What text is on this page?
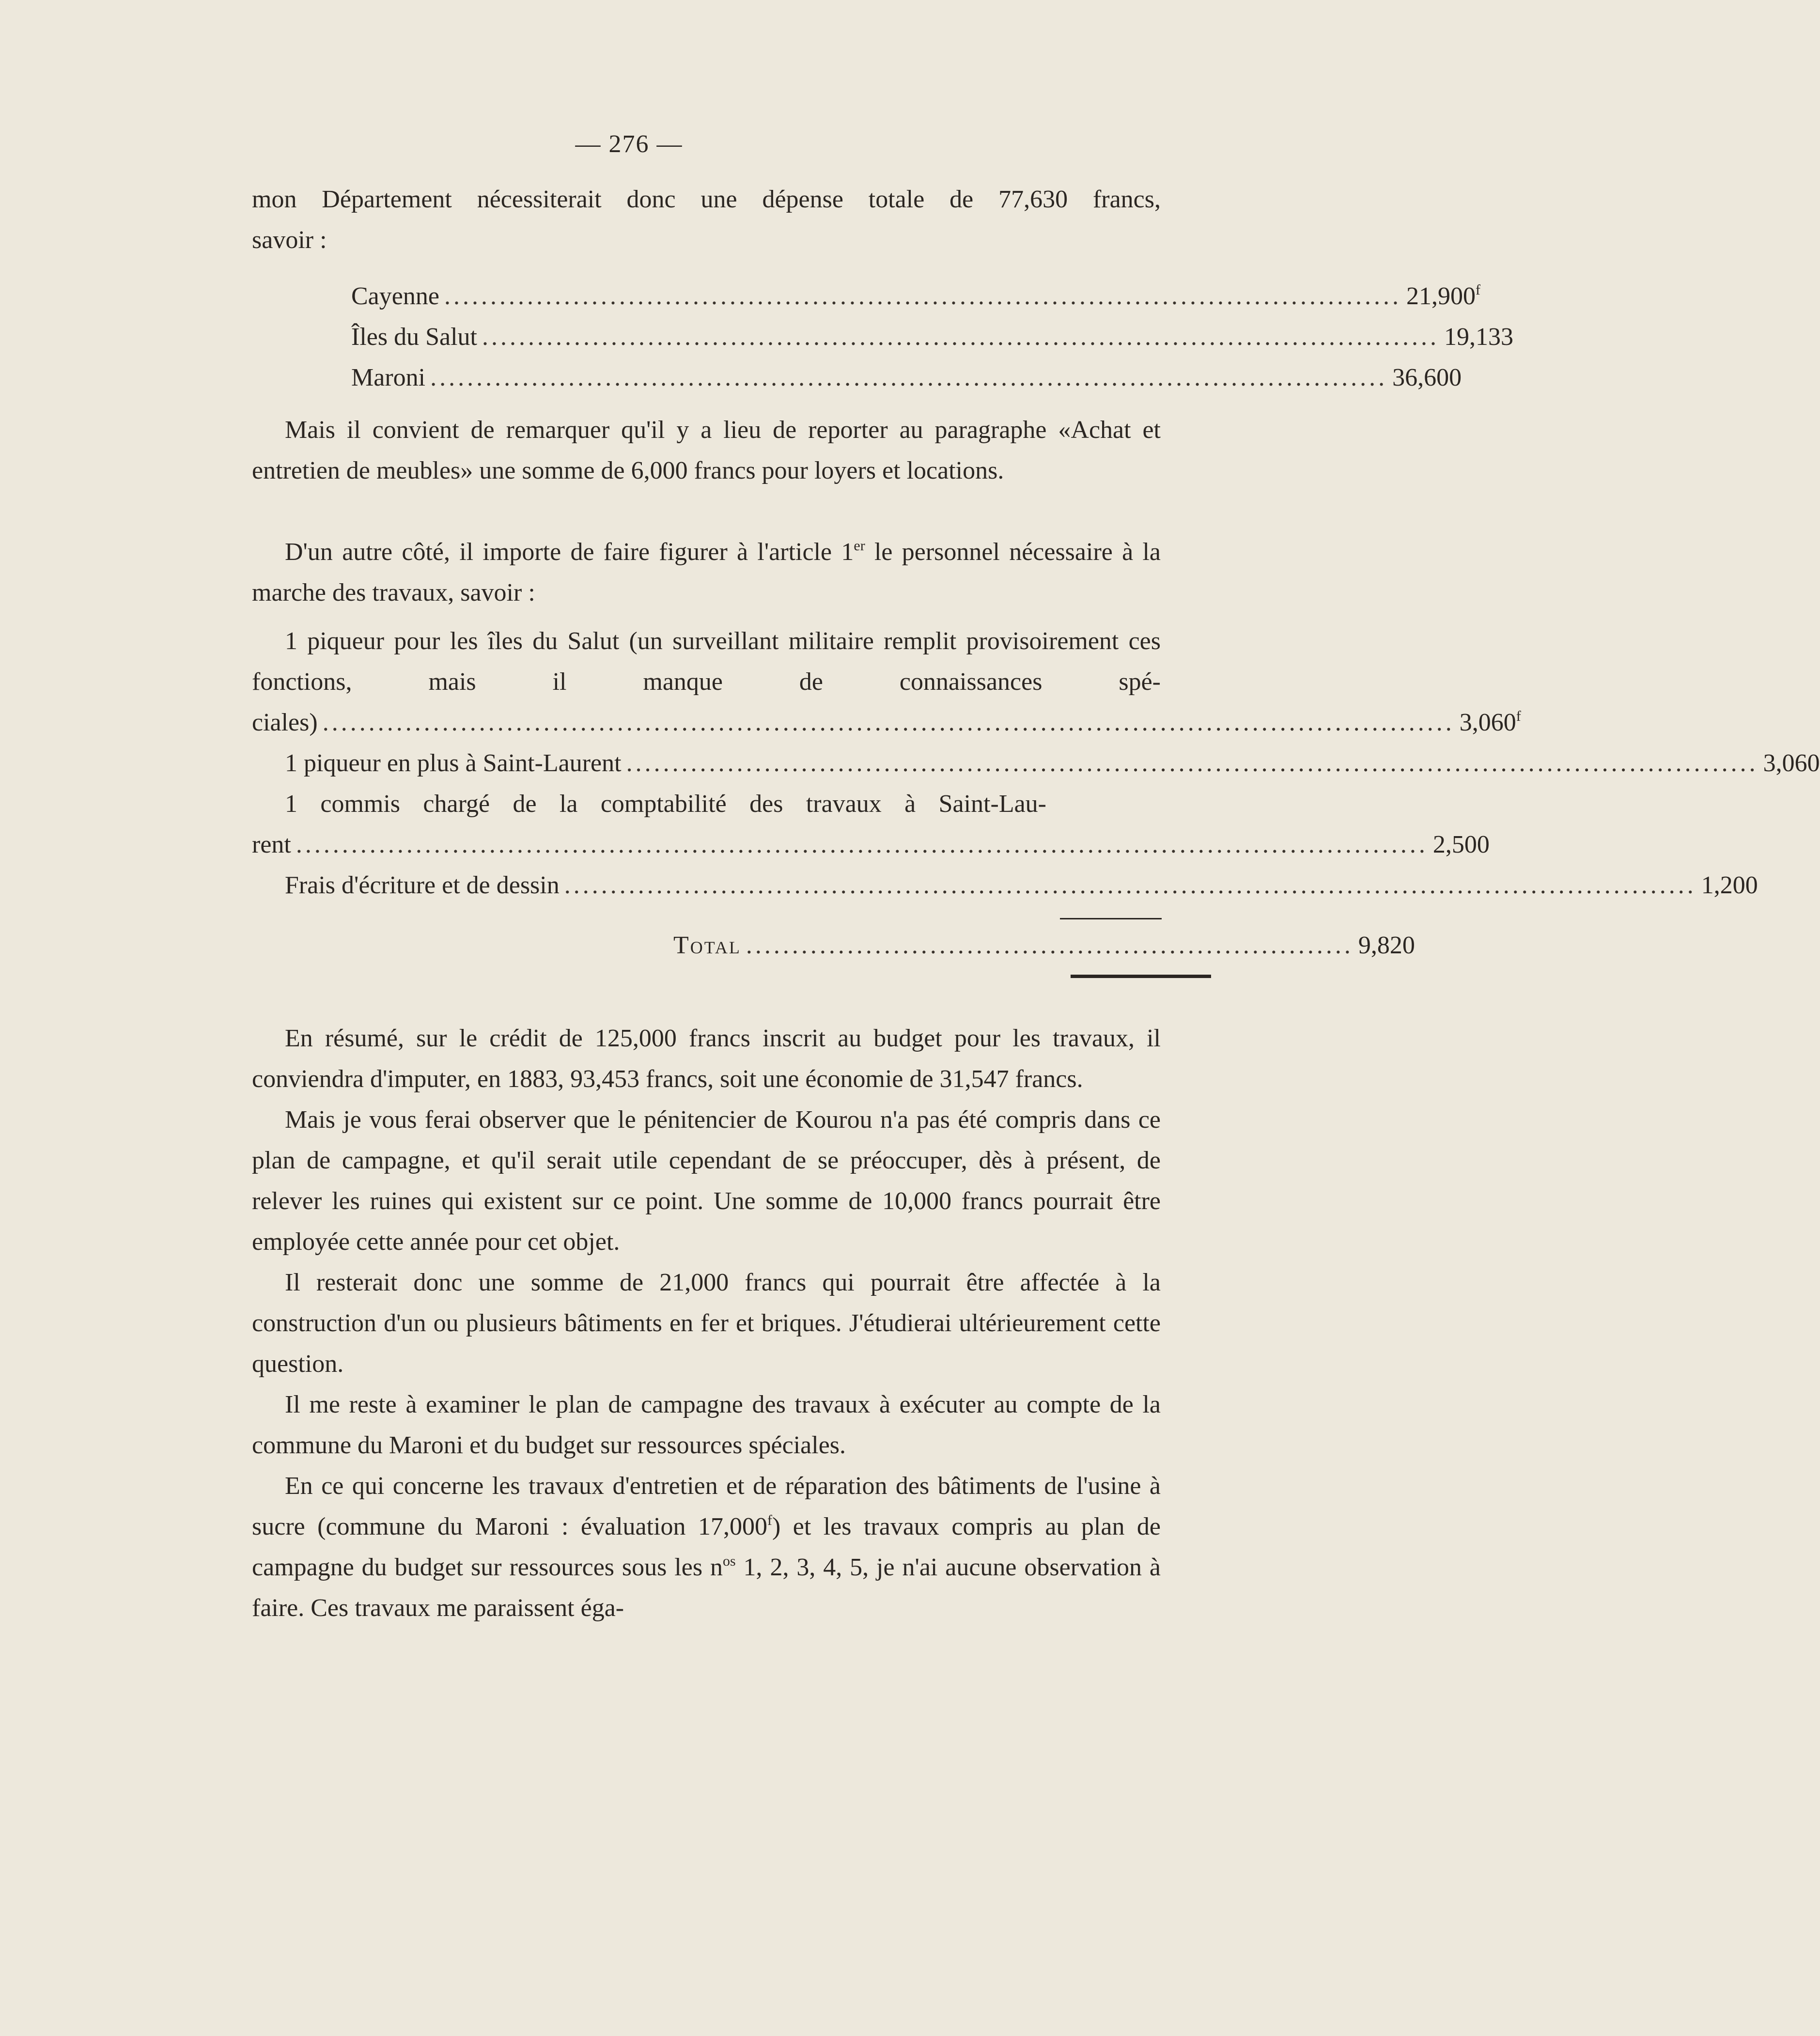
— 276 —

mon Département nécessiterait donc une dépense totale de 77,630 francs,

savoir :

Cayenne ........................................................................................................ 21,900$^f$
Îles du Salut ........................................................................................................ 19,133
Maroni ........................................................................................................ 36,600

Mais il convient de remarquer qu'il y a lieu de reporter au paragraphe «Achat et entretien de meubles» une somme de 6,000 francs pour loyers et locations.

D'un autre côté, il importe de faire figurer à l'article 1er le personnel nécessaire à la marche des travaux, savoir :

1 piqueur pour les îles du Salut (un surveillant militaire remplit provisoirement ces fonctions, mais il manque de connaissances spé-

ciales) ........................................................................................................................... 3,060$^f$
1 piqueur en plus à Saint-Laurent ........................................................................................................................... 3,060

1 commis chargé de la comptabilité des travaux à Saint-Lau-

rent ........................................................................................................................... 2,500
Frais d'écriture et de dessin ........................................................................................................................... 1,200
Total .................................................................. 9,820

En résumé, sur le crédit de 125,000 francs inscrit au budget pour les travaux, il conviendra d'imputer, en 1883, 93,453 francs, soit une économie de 31,547 francs.

Mais je vous ferai observer que le pénitencier de Kourou n'a pas été compris dans ce plan de campagne, et qu'il serait utile cependant de se préoccuper, dès à présent, de relever les ruines qui existent sur ce point. Une somme de 10,000 francs pourrait être employée cette année pour cet objet.

Il resterait donc une somme de 21,000 francs qui pourrait être affectée à la construction d'un ou plusieurs bâtiments en fer et briques. J'étudierai ultérieurement cette question.

Il me reste à examiner le plan de campagne des travaux à exécuter au compte de la commune du Maroni et du budget sur ressources spéciales.

En ce qui concerne les travaux d'entretien et de réparation des bâtiments de l'usine à sucre (commune du Maroni : évaluation 17,000$^f$) et les travaux compris au plan de campagne du budget sur ressources sous les $n^{os}$ 1, 2, 3, 4, 5, je n'ai aucune observation à faire. Ces travaux me paraissent éga-
